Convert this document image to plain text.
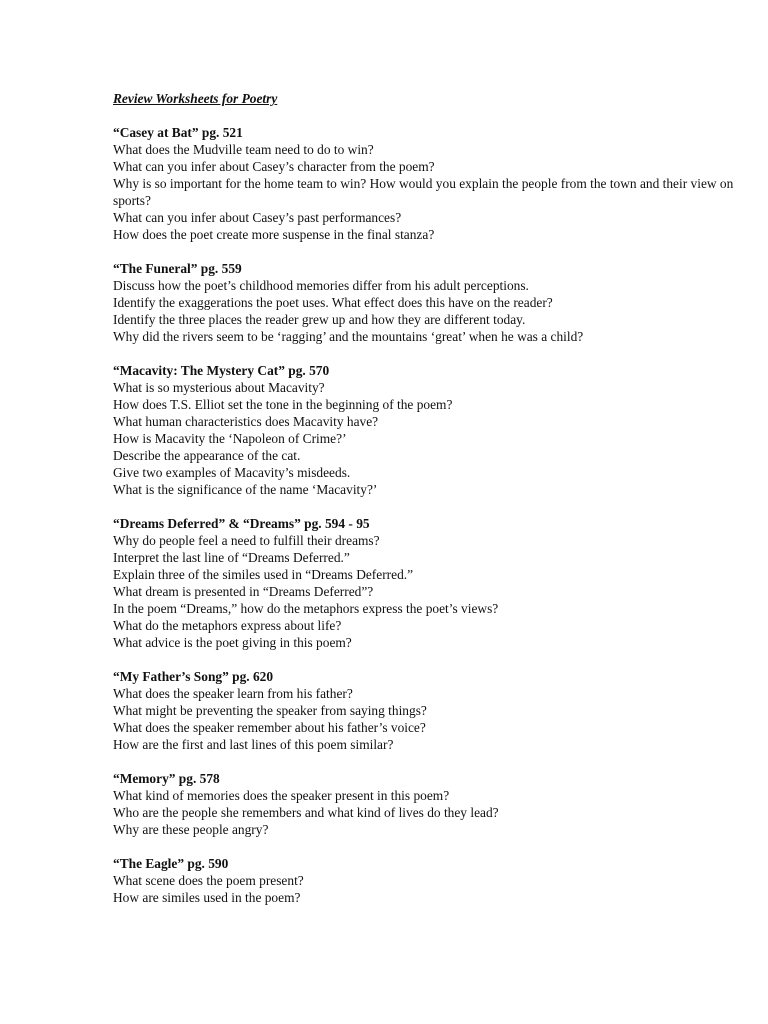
Review Worksheets for Poetry
“Casey at Bat” pg. 521
What does the Mudville team need to do to win?
What can you infer about Casey’s character from the poem?
Why is so important for the home team to win? How would you explain the people from the town and their view on sports?
What can you infer about Casey’s past performances?
How does the poet create more suspense in the final stanza?
“The Funeral” pg. 559
Discuss how the poet’s childhood memories differ from his adult perceptions.
Identify the exaggerations the poet uses. What effect does this have on the reader?
Identify the three places the reader grew up and how they are different today.
Why did the rivers seem to be ‘ragging’ and the mountains ‘great’ when he was a child?
“Macavity: The Mystery Cat” pg. 570
What is so mysterious about Macavity?
How does T.S. Elliot set the tone in the beginning of the poem?
What human characteristics does Macavity have?
How is Macavity the ‘Napoleon of Crime?’
Describe the appearance of the cat.
Give two examples of Macavity’s misdeeds.
What is the significance of the name ‘Macavity?’
“Dreams Deferred” & “Dreams” pg. 594 - 95
Why do people feel a need to fulfill their dreams?
Interpret the last line of “Dreams Deferred.”
Explain three of the similes used in “Dreams Deferred.”
What dream is presented in “Dreams Deferred”?
In the poem “Dreams,” how do the metaphors express the poet’s views?
What do the metaphors express about life?
What advice is the poet giving in this poem?
“My Father’s Song” pg. 620
What does the speaker learn from his father?
What might be preventing the speaker from saying things?
What does the speaker remember about his father’s voice?
How are the first and last lines of this poem similar?
“Memory” pg. 578
What kind of memories does the speaker present in this poem?
Who are the people she remembers and what kind of lives do they lead?
Why are these people angry?
“The Eagle” pg. 590
What scene does the poem present?
How are similes used in the poem?
